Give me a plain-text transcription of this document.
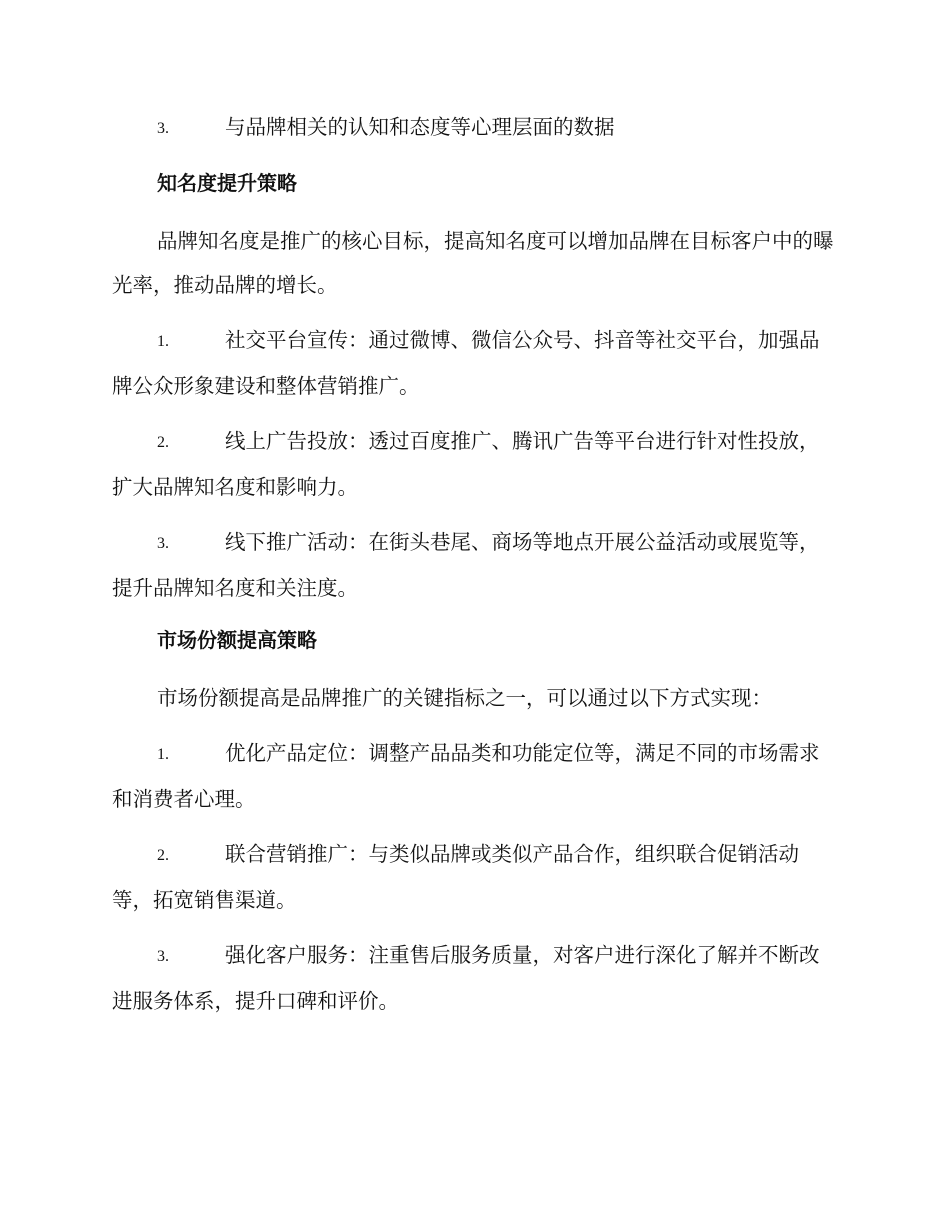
3.	与品牌相关的认知和态度等心理层面的数据

知名度提升策略

品牌知名度是推广的核心目标，提高知名度可以增加品牌在目标客户中的曝光率，推动品牌的增长。

1.	社交平台宣传：通过微博、微信公众号、抖音等社交平台，加强品牌公众形象建设和整体营销推广。

2.	线上广告投放：透过百度推广、腾讯广告等平台进行针对性投放，扩大品牌知名度和影响力。

3.	线下推广活动：在街头巷尾、商场等地点开展公益活动或展览等，提升品牌知名度和关注度。

市场份额提高策略

市场份额提高是品牌推广的关键指标之一，可以通过以下方式实现：

1.	优化产品定位：调整产品品类和功能定位等，满足不同的市场需求和消费者心理。

2.	联合营销推广：与类似品牌或类似产品合作，组织联合促销活动等，拓宽销售渠道。

3.	强化客户服务：注重售后服务质量，对客户进行深化了解并不断改进服务体系，提升口碑和评价。
